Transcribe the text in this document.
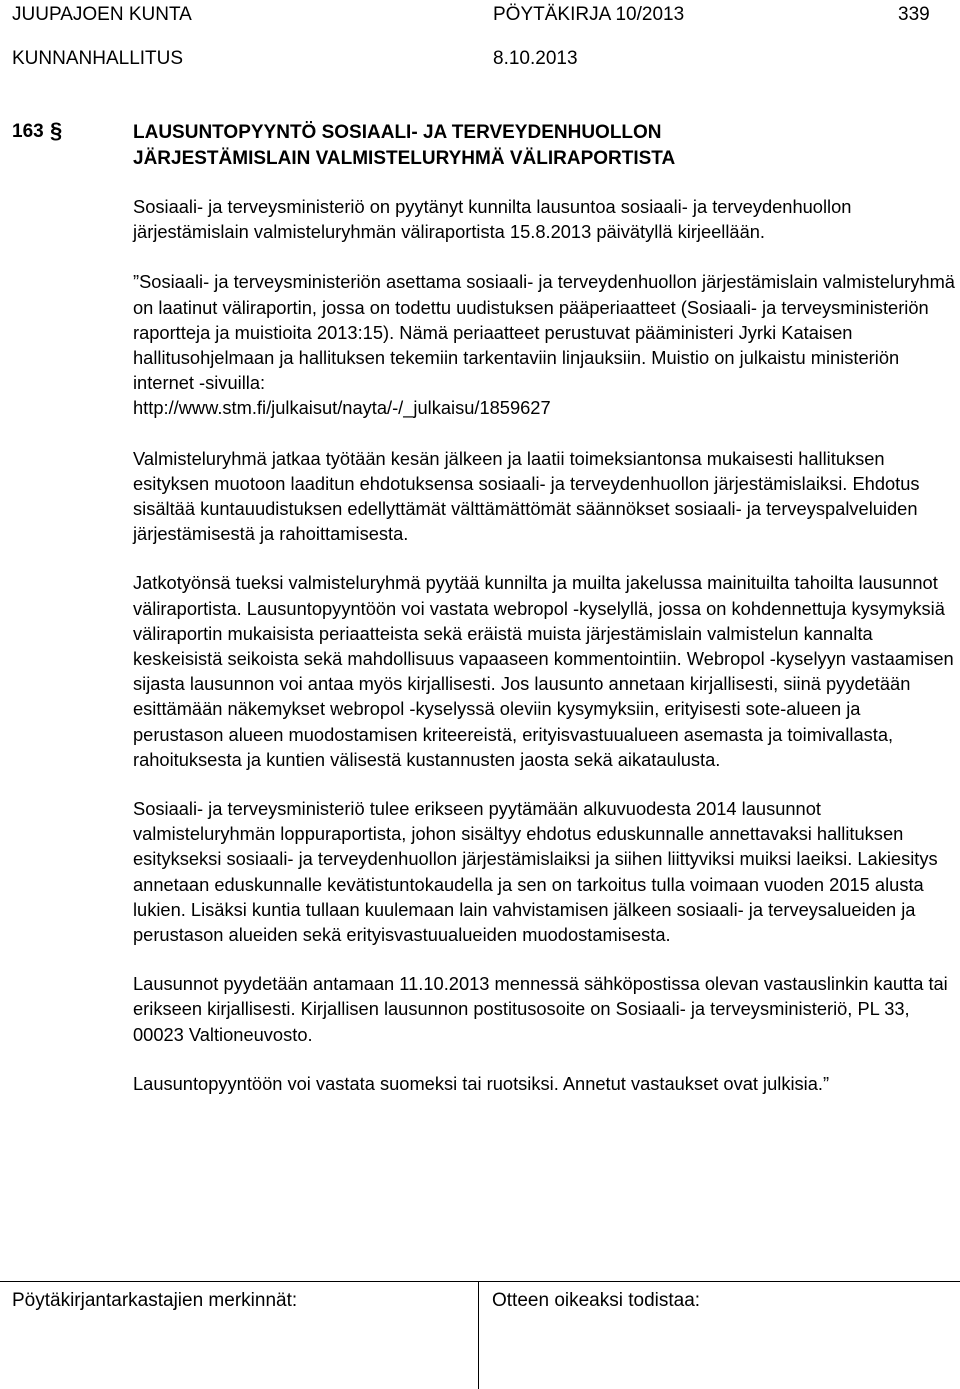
JUUPAJOEN KUNTA	PÖYTÄKIRJA 10/2013	339
KUNNANHALLITUS	8.10.2013
163 §	LAUSUNTOPYYNTÖ SOSIAALI- JA TERVEYDENHUOLLON
JÄRJESTÄMISLAIN VALMISTELURYHMÄ VÄLIRAPORTISTA

Sosiaali- ja terveysministeriö on pyytänyt kunnilta lausuntoa sosiaali- ja terveydenhuollon järjestämislain valmisteluryhmän väliraportista 15.8.2013 päivätyllä kirjeellään.

”Sosiaali- ja terveysministeriön asettama sosiaali- ja terveydenhuollon järjestämislain valmisteluryhmä on laatinut väliraportin, jossa on todettu uudistuksen pääperiaatteet (Sosiaali- ja terveysministeriön raportteja ja muistioita 2013:15). Nämä periaatteet perustuvat pääministeri Jyrki Kataisen hallitusohjelmaan ja hallituksen tekemiin tarkentaviin linjauksiin. Muistio on julkaistu ministeriön internet -sivuilla:
http://www.stm.fi/julkaisut/nayta/-/_julkaisu/1859627

Valmisteluryhmä jatkaa työtään kesän jälkeen ja laatii toimeksiantonsa mukaisesti hallituksen esityksen muotoon laaditun ehdotuksensa sosiaali- ja terveydenhuollon järjestämislaiksi. Ehdotus sisältää kuntauudistuksen edellyttämät välttämättömät säännökset sosiaali- ja terveyspalveluiden järjestämisestä ja rahoittamisesta.

Jatkotyönsä tueksi valmisteluryhmä pyytää kunnilta ja muilta jakelussa mainituilta tahoilta lausunnot väliraportista. Lausuntopyyntöön voi vastata webropol -kyselyllä, jossa on kohdennettuja kysymyksiä väliraportin mukaisista periaatteista sekä eräistä muista järjestämislain valmistelun kannalta keskeisistä seikoista sekä mahdollisuus vapaaseen kommentointiin. Webropol -kyselyyn vastaamisen sijasta lausunnon voi antaa myös kirjallisesti. Jos lausunto annetaan kirjallisesti, siinä pyydetään esittämään näkemykset webropol -kyselyssä oleviin kysymyksiin, erityisesti sote-alueen ja perustason alueen muodostamisen kriteereistä, erityisvastuualueen asemasta ja toimivallasta, rahoituksesta ja kuntien välisestä kustannusten jaosta sekä aikataulusta.

Sosiaali- ja terveysministeriö tulee erikseen pyytämään alkuvuodesta 2014 lausunnot valmisteluryhmän loppuraportista, johon sisältyy ehdotus eduskunnalle annettavaksi hallituksen esitykseksi sosiaali- ja terveydenhuollon järjestämislaiksi ja siihen liittyviksi muiksi laeiksi. Lakiesitys annetaan eduskunnalle kevätistuntokaudella ja sen on tarkoitus tulla voimaan vuoden 2015 alusta lukien. Lisäksi kuntia tullaan kuulemaan lain vahvistamisen jälkeen sosiaali- ja terveysalueiden ja perustason alueiden sekä erityisvastuualueiden muodostamisesta.

Lausunnot pyydetään antamaan 11.10.2013 mennessä sähköpostissa olevan vastauslinkin kautta tai erikseen kirjallisesti. Kirjallisen lausunnon postitusosoite on Sosiaali- ja terveysministeriö, PL 33, 00023 Valtioneuvosto.

Lausuntopyyntöön voi vastata suomeksi tai ruotsiksi. Annetut vastaukset ovat julkisia.”

Pöytäkirjantarkastajien merkinnät:	Otteen oikeaksi todistaa:
